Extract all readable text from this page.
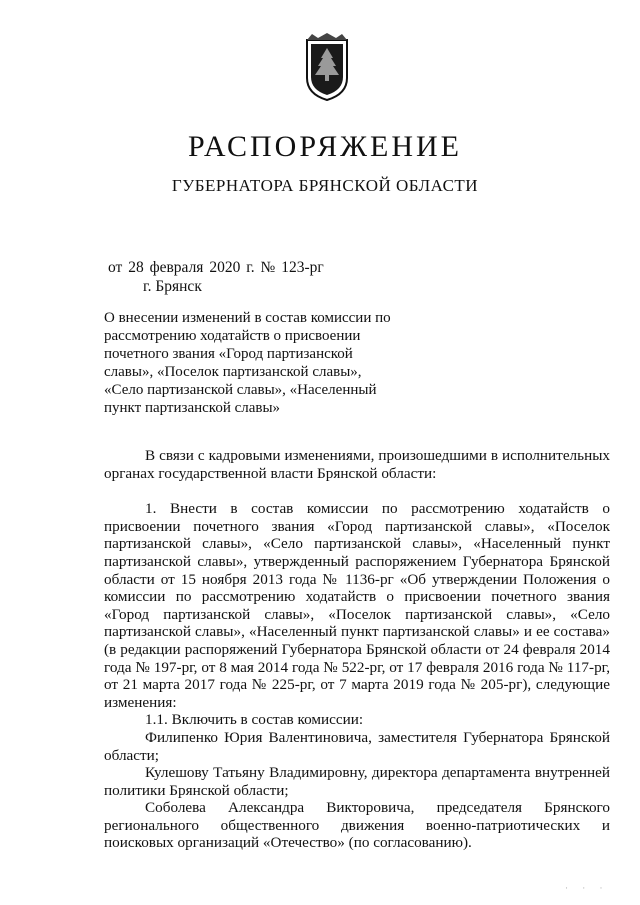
РАСПОРЯЖЕНИЕ
ГУБЕРНАТОРА БРЯНСКОЙ ОБЛАСТИ
от 28 февраля 2020 г. № 123-рг
г. Брянск

О внесении изменений в состав комиссии по рассмотрению ходатайств о присвоении почетного звания «Город партизанской славы», «Поселок партизанской славы», «Село партизанской славы», «Населенный пункт партизанской славы»

В связи с кадровыми изменениями, произошедшими в исполнительных органах государственной власти Брянской области:

1. Внести в состав комиссии по рассмотрению ходатайств о присвоении почетного звания «Город партизанской славы», «Поселок партизанской славы», «Село партизанской славы», «Населенный пункт партизанской славы», утвержденный распоряжением Губернатора Брянской области от 15 ноября 2013 года № 1136-рг «Об утверждении Положения о комиссии по рассмотрению ходатайств о присвоении почетного звания «Город партизанской славы», «Поселок партизанской славы», «Село партизанской славы», «Населенный пункт партизанской славы» и ее состава» (в редакции распоряжений Губернатора Брянской области от 24 февраля 2014 года № 197-рг, от 8 мая 2014 года № 522-рг, от 17 февраля 2016 года № 117-рг, от 21 марта 2017 года № 225-рг, от 7 марта 2019 года № 205-рг), следующие изменения:

1.1. Включить в состав комиссии:

Филипенко Юрия Валентиновича, заместителя Губернатора Брянской области;

Кулешову Татьяну Владимировну, директора департамента внутренней политики Брянской области;

Соболева Александра Викторовича, председателя Брянского регионального общественного движения военно-патриотических и поисковых организаций «Отечество» (по согласованию).

· · ·
